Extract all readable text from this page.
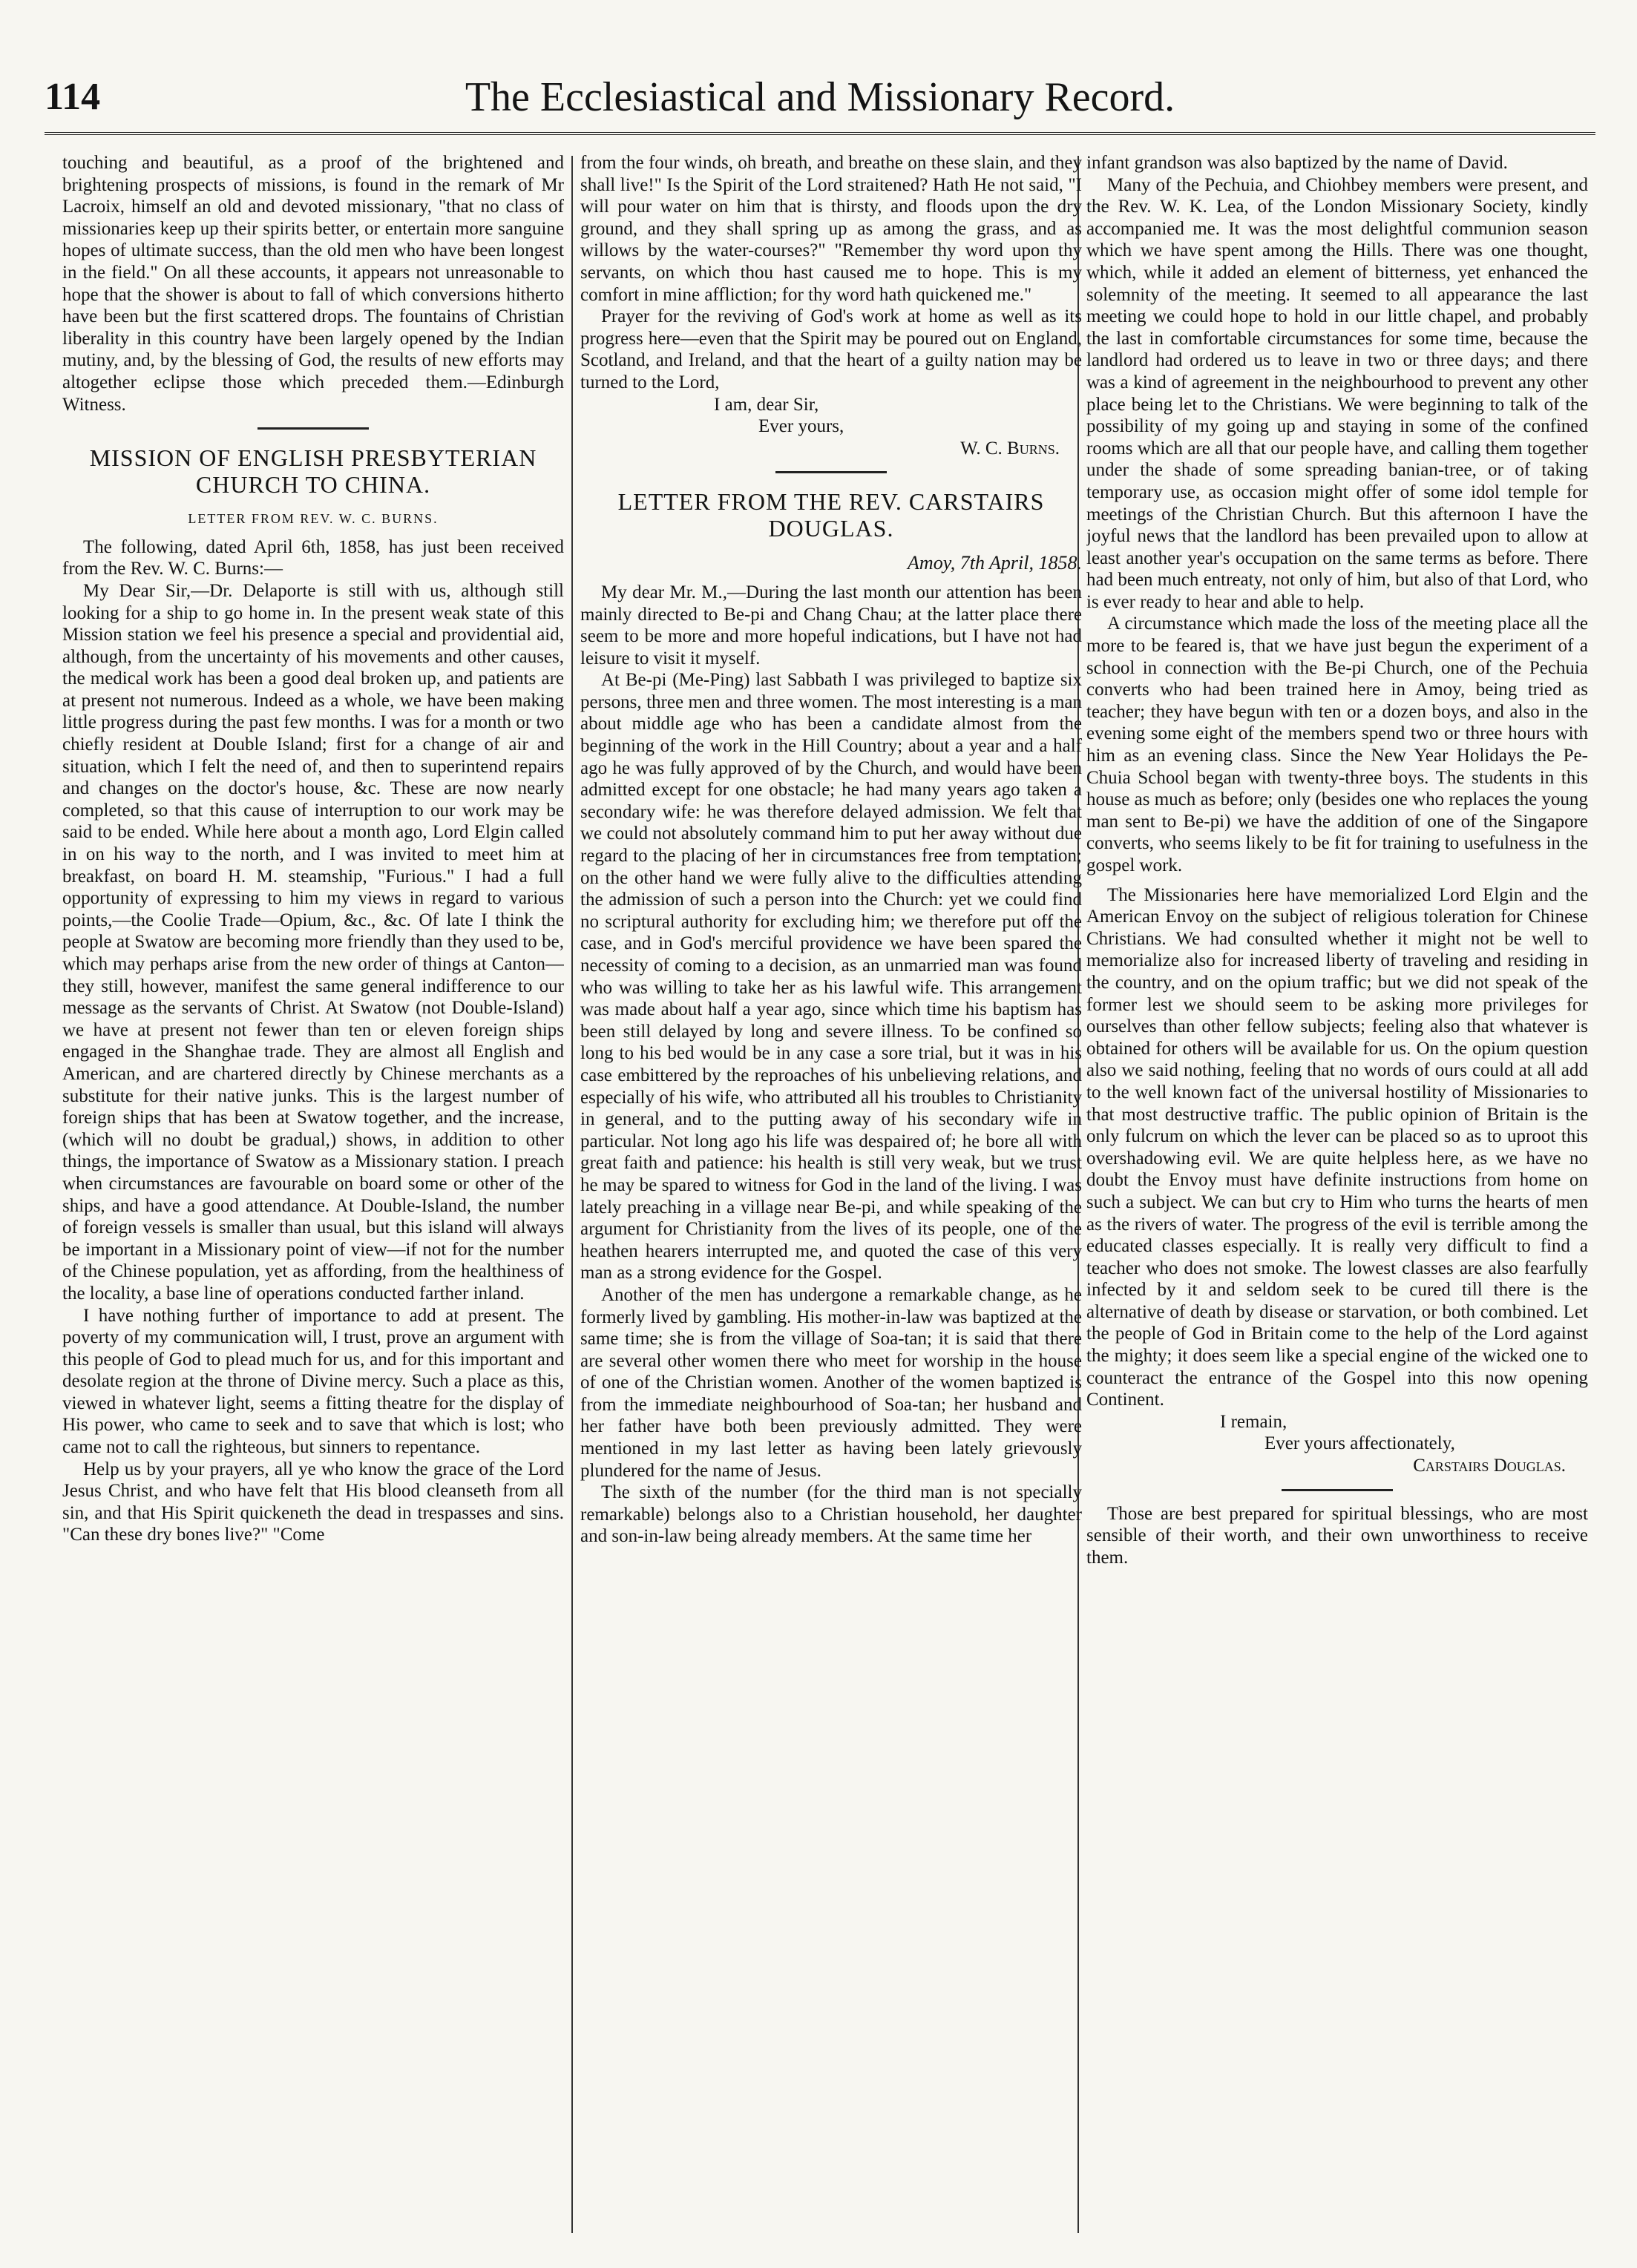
114	The Ecclesiastical and Missionary Record.

touching and beautiful, as a proof of the brightened and brightening prospects of missions, is found in the remark of Mr Lacroix, himself an old and devoted missionary, "that no class of missionaries keep up their spirits better, or entertain more sanguine hopes of ultimate success, than the old men who have been longest in the field." On all these accounts, it appears not unreasonable to hope that the shower is about to fall of which conversions hitherto have been but the first scattered drops. The fountains of Christian liberality in this country have been largely opened by the Indian mutiny, and, by the blessing of God, the results of new efforts may altogether eclipse those which preceded them.—Edinburgh Witness.

MISSION OF ENGLISH PRESBYTERIAN CHURCH TO CHINA.
LETTER FROM REV. W. C. BURNS.

The following, dated April 6th, 1858, has just been received from the Rev. W. C. Burns:—

My Dear Sir,—Dr. Delaporte is still with us, although still looking for a ship to go home in. In the present weak state of this Mission station we feel his presence a special and providential aid, although, from the uncertainty of his movements and other causes, the medical work has been a good deal broken up, and patients are at present not numerous. Indeed as a whole, we have been making little progress during the past few months. I was for a month or two chiefly resident at Double Island; first for a change of air and situation, which I felt the need of, and then to superintend repairs and changes on the doctor's house, &c. These are now nearly completed, so that this cause of interruption to our work may be said to be ended. While here about a month ago, Lord Elgin called in on his way to the north, and I was invited to meet him at breakfast, on board H. M. steamship, "Furious." I had a full opportunity of expressing to him my views in regard to various points,—the Coolie Trade—Opium, &c., &c. Of late I think the people at Swatow are becoming more friendly than they used to be, which may perhaps arise from the new order of things at Canton—they still, however, manifest the same general indifference to our message as the servants of Christ. At Swatow (not Double-Island) we have at present not fewer than ten or eleven foreign ships engaged in the Shanghae trade. They are almost all English and American, and are chartered directly by Chinese merchants as a substitute for their native junks. This is the largest number of foreign ships that has been at Swatow together, and the increase, (which will no doubt be gradual,) shows, in addition to other things, the importance of Swatow as a Missionary station. I preach when circumstances are favourable on board some or other of the ships, and have a good attendance. At Double-Island, the number of foreign vessels is smaller than usual, but this island will always be important in a Missionary point of view—if not for the number of the Chinese population, yet as affording, from the healthiness of the locality, a base line of operations conducted farther inland.

I have nothing further of importance to add at present. The poverty of my communication will, I trust, prove an argument with this people of God to plead much for us, and for this important and desolate region at the throne of Divine mercy. Such a place as this, viewed in whatever light, seems a fitting theatre for the display of His power, who came to seek and to save that which is lost; who came not to call the righteous, but sinners to repentance.

Help us by your prayers, all ye who know the grace of the Lord Jesus Christ, and who have felt that His blood cleanseth from all sin, and that His Spirit quickeneth the dead in trespasses and sins. "Can these dry bones live?" "Come

from the four winds, oh breath, and breathe on these slain, and they shall live!" Is the Spirit of the Lord straitened? Hath He not said, "I will pour water on him that is thirsty, and floods upon the dry ground, and they shall spring up as among the grass, and as willows by the water-courses?" "Remember thy word upon thy servants, on which thou hast caused me to hope. This is my comfort in mine affliction; for thy word hath quickened me."

Prayer for the reviving of God's work at home as well as its progress here—even that the Spirit may be poured out on England, Scotland, and Ireland, and that the heart of a guilty nation may be turned to the Lord,

I am, dear Sir,

Ever yours,

W. C. Burns.

LETTER FROM THE REV. CARSTAIRS DOUGLAS.
Amoy, 7th April, 1858.

My dear Mr. M.,—During the last month our attention has been mainly directed to Be-pi and Chang Chau; at the latter place there seem to be more and more hopeful indications, but I have not had leisure to visit it myself.

At Be-pi (Me-Ping) last Sabbath I was privileged to baptize six persons, three men and three women. The most interesting is a man about middle age who has been a candidate almost from the beginning of the work in the Hill Country; about a year and a half ago he was fully approved of by the Church, and would have been admitted except for one obstacle; he had many years ago taken a secondary wife: he was therefore delayed admission. We felt that we could not absolutely command him to put her away without due regard to the placing of her in circumstances free from temptation; on the other hand we were fully alive to the difficulties attending the admission of such a person into the Church: yet we could find no scriptural authority for excluding him; we therefore put off the case, and in God's merciful providence we have been spared the necessity of coming to a decision, as an unmarried man was found who was willing to take her as his lawful wife. This arrangement was made about half a year ago, since which time his baptism has been still delayed by long and severe illness. To be confined so long to his bed would be in any case a sore trial, but it was in his case embittered by the reproaches of his unbelieving relations, and especially of his wife, who attributed all his troubles to Christianity in general, and to the putting away of his secondary wife in particular. Not long ago his life was despaired of; he bore all with great faith and patience: his health is still very weak, but we trust he may be spared to witness for God in the land of the living. I was lately preaching in a village near Be-pi, and while speaking of the argument for Christianity from the lives of its people, one of the heathen hearers interrupted me, and quoted the case of this very man as a strong evidence for the Gospel.

Another of the men has undergone a remarkable change, as he formerly lived by gambling. His mother-in-law was baptized at the same time; she is from the village of Soa-tan; it is said that there are several other women there who meet for worship in the house of one of the Christian women. Another of the women baptized is from the immediate neighbourhood of Soa-tan; her husband and her father have both been previously admitted. They were mentioned in my last letter as having been lately grievously plundered for the name of Jesus.

The sixth of the number (for the third man is not specially remarkable) belongs also to a Christian household, her daughter and son-in-law being already members. At the same time her

infant grandson was also baptized by the name of David.

Many of the Pechuia, and Chiohbey members were present, and the Rev. W. K. Lea, of the London Missionary Society, kindly accompanied me. It was the most delightful communion season which we have spent among the Hills. There was one thought, which, while it added an element of bitterness, yet enhanced the solemnity of the meeting. It seemed to all appearance the last meeting we could hope to hold in our little chapel, and probably the last in comfortable circumstances for some time, because the landlord had ordered us to leave in two or three days; and there was a kind of agreement in the neighbourhood to prevent any other place being let to the Christians. We were beginning to talk of the possibility of my going up and staying in some of the confined rooms which are all that our people have, and calling them together under the shade of some spreading banian-tree, or of taking temporary use, as occasion might offer of some idol temple for meetings of the Christian Church. But this afternoon I have the joyful news that the landlord has been prevailed upon to allow at least another year's occupation on the same terms as before. There had been much entreaty, not only of him, but also of that Lord, who is ever ready to hear and able to help.

A circumstance which made the loss of the meeting place all the more to be feared is, that we have just begun the experiment of a school in connection with the Be-pi Church, one of the Pechuia converts who had been trained here in Amoy, being tried as teacher; they have begun with ten or a dozen boys, and also in the evening some eight of the members spend two or three hours with him as an evening class. Since the New Year Holidays the Pe-Chuia School began with twenty-three boys. The students in this house as much as before; only (besides one who replaces the young man sent to Be-pi) we have the addition of one of the Singapore converts, who seems likely to be fit for training to usefulness in the gospel work.

The Missionaries here have memorialized Lord Elgin and the American Envoy on the subject of religious toleration for Chinese Christians. We had consulted whether it might not be well to memorialize also for increased liberty of traveling and residing in the country, and on the opium traffic; but we did not speak of the former lest we should seem to be asking more privileges for ourselves than other fellow subjects; feeling also that whatever is obtained for others will be available for us. On the opium question also we said nothing, feeling that no words of ours could at all add to the well known fact of the universal hostility of Missionaries to that most destructive traffic. The public opinion of Britain is the only fulcrum on which the lever can be placed so as to uproot this overshadowing evil. We are quite helpless here, as we have no doubt the Envoy must have definite instructions from home on such a subject. We can but cry to Him who turns the hearts of men as the rivers of water. The progress of the evil is terrible among the educated classes especially. It is really very difficult to find a teacher who does not smoke. The lowest classes are also fearfully infected by it and seldom seek to be cured till there is the alternative of death by disease or starvation, or both combined. Let the people of God in Britain come to the help of the Lord against the mighty; it does seem like a special engine of the wicked one to counteract the entrance of the Gospel into this now opening Continent.

I remain,

Ever yours affectionately,

Carstairs Douglas.

Those are best prepared for spiritual blessings, who are most sensible of their worth, and their own unworthiness to receive them.
